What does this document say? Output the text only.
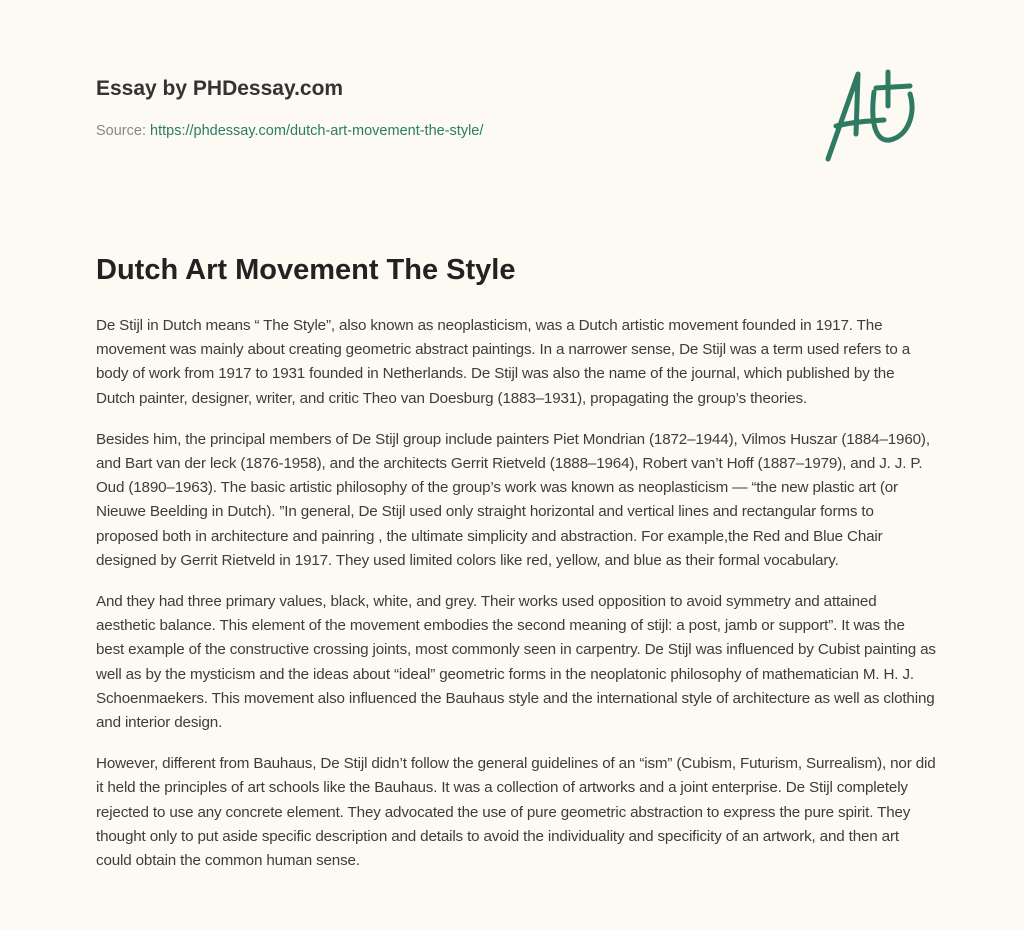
Essay by PHDessay.com
Source: https://phdessay.com/dutch-art-movement-the-style/
Dutch Art Movement The Style

De Stijl in Dutch means “ The Style”, also known as neoplasticism, was a Dutch artistic movement founded in 1917. The movement was mainly about creating geometric abstract paintings. In a narrower sense, De Stijl was a term used refers to a body of work from 1917 to 1931 founded in Netherlands. De Stijl was also the name of the journal, which published by the Dutch painter, designer, writer, and critic Theo van Doesburg (1883–1931), propagating the group’s theories.

Besides him, the principal members of De Stijl group include painters Piet Mondrian (1872–1944), Vilmos Huszar (1884–1960), and Bart van der leck (1876-1958), and the architects Gerrit Rietveld (1888–1964), Robert van’t Hoff (1887–1979), and J. J. P. Oud (1890–1963). The basic artistic philosophy of the group’s work was known as neoplasticism — “the new plastic art (or Nieuwe Beelding in Dutch). ”In general, De Stijl used only straight horizontal and vertical lines and rectangular forms to proposed both in architecture and painring , the ultimate simplicity and abstraction. For example,the Red and Blue Chair designed by Gerrit Rietveld in 1917. They used limited colors like red, yellow, and blue as their formal vocabulary.

And they had three primary values, black, white, and grey. Their works used opposition to avoid symmetry and attained aesthetic balance. This element of the movement embodies the second meaning of stijl: a post, jamb or support”. It was the best example of the constructive crossing joints, most commonly seen in carpentry. De Stijl was influenced by Cubist painting as well as by the mysticism and the ideas about “ideal” geometric forms in the neoplatonic philosophy of mathematician M. H. J. Schoenmaekers. This movement also influenced the Bauhaus style and the international style of architecture as well as clothing and interior design.

However, different from Bauhaus, De Stijl didn’t follow the general guidelines of an “ism” (Cubism, Futurism, Surrealism), nor did it held the principles of art schools like the Bauhaus. It was a collection of artworks and a joint enterprise. De Stijl completely rejected to use any concrete element. They advocated the use of pure geometric abstraction to express the pure spirit. They thought only to put aside specific description and details to avoid the individuality and specificity of an artwork, and then art could obtain the common human sense.
